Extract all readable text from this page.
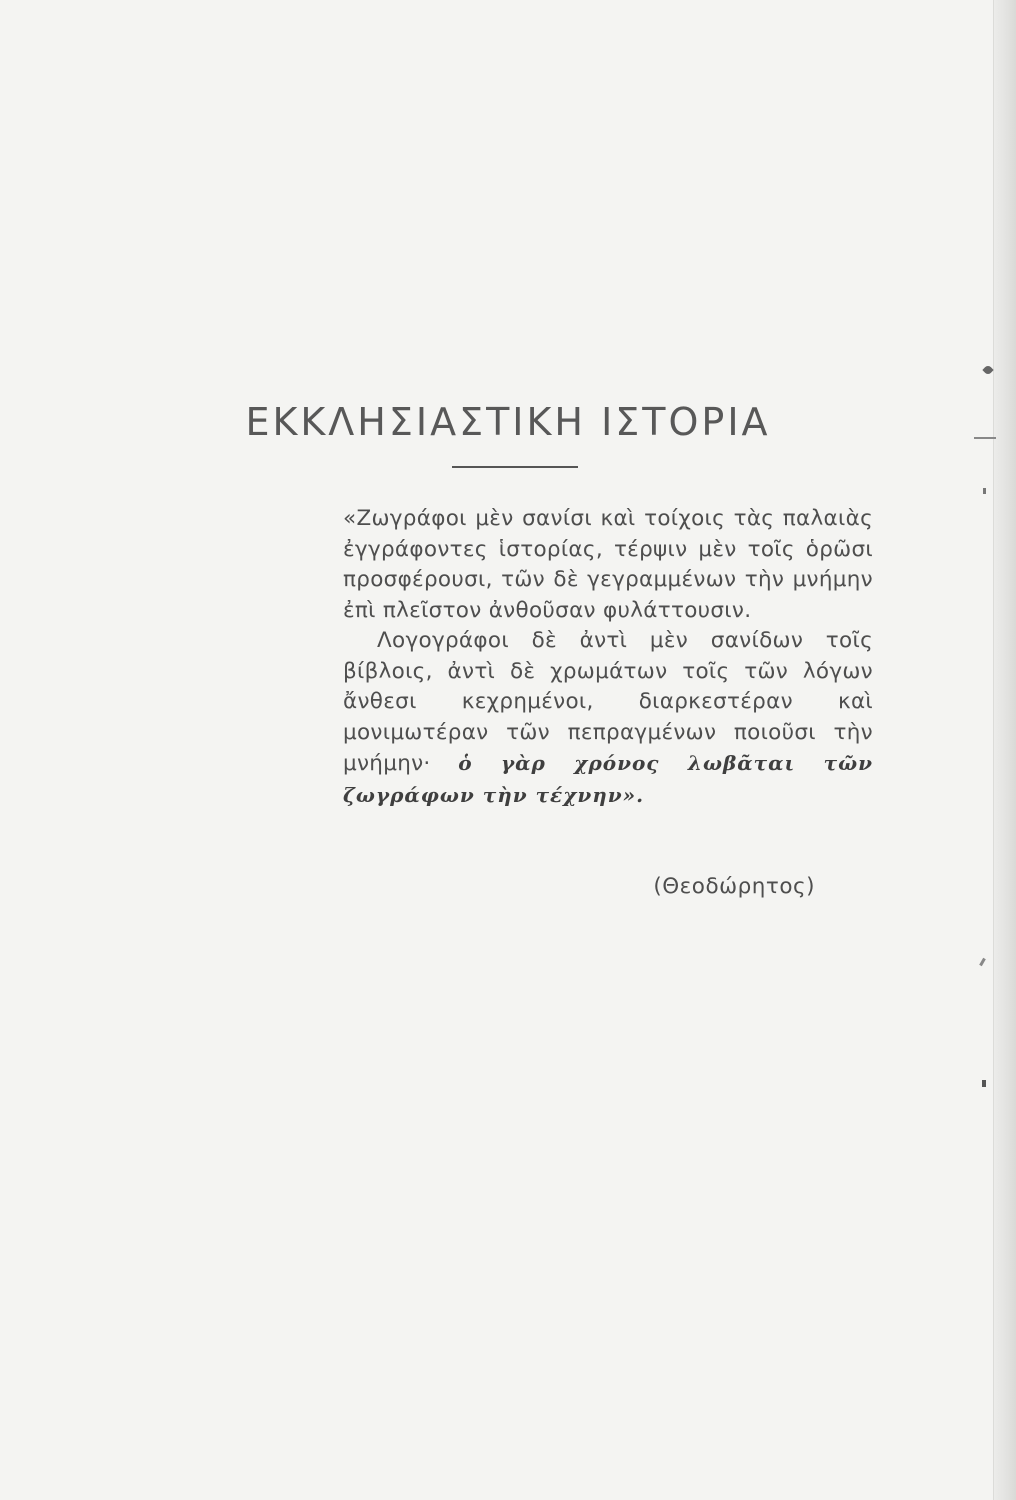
ΕΚΚΛΗΣΙΑΣΤΙΚΗ ΙΣΤΟΡΙΑ

«Ζωγράφοι μὲν σανίσι καὶ τοίχοις τὰς παλαιὰς ἐγγράφοντες ἱστορίας, τέρψιν μὲν τοῖς ὁρῶσι προσφέρουσι, τῶν δὲ γεγραμμένων τὴν μνήμην ἐπὶ πλεῖστον ἀνθοῦσαν φυλάττουσιν.

Λογογράφοι δὲ ἀντὶ μὲν σανίδων τοῖς βίβλοις, ἀντὶ δὲ χρωμάτων τοῖς τῶν λόγων ἄνθεσι κεχρημένοι, διαρκεστέραν καὶ μονιμωτέραν τῶν πεπραγμένων ποιοῦσι τὴν μνήμην· ὁ γὰρ χρόνος λωβᾶται τῶν ζωγράφων τὴν τέχνην».

(Θεοδώρητος)
